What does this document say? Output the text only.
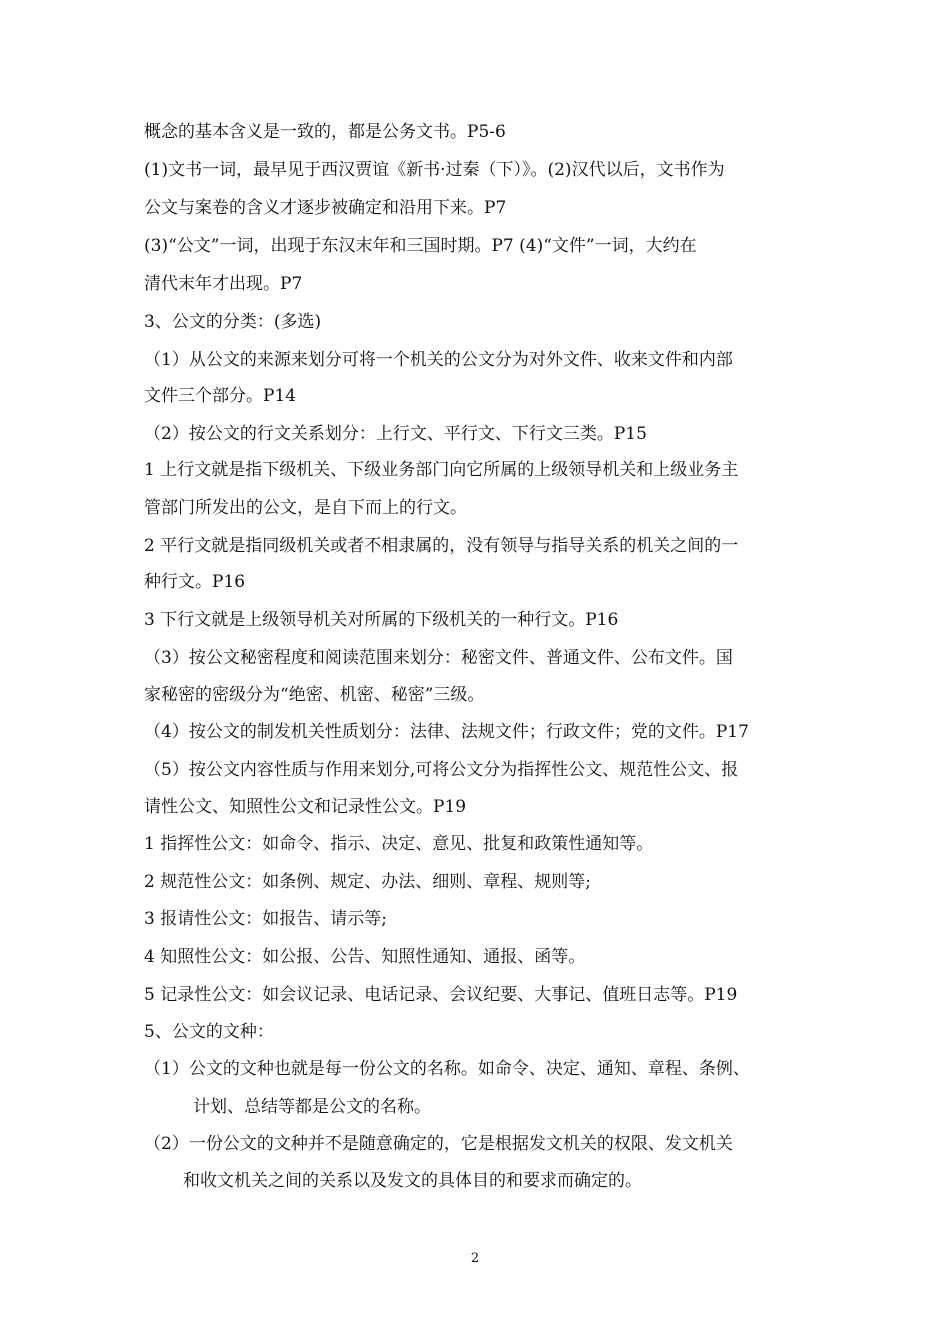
概念的基本含义是一致的，都是公务文书。P5-6
(1)文书一词，最早见于西汉贾谊《新书·过秦（下）》。(2)汉代以后，文书作为
公文与案卷的含义才逐步被确定和沿用下来。P7
(3)“公文”一词，出现于东汉末年和三国时期。P7 (4)“文件”一词，大约在
清代末年才出现。P7
3、公文的分类：(多选)
（1）从公文的来源来划分可将一个机关的公文分为对外文件、收来文件和内部
文件三个部分。P14
（2）按公文的行文关系划分：上行文、平行文、下行文三类。P15
1 上行文就是指下级机关、下级业务部门向它所属的上级领导机关和上级业务主
管部门所发出的公文，是自下而上的行文。
2 平行文就是指同级机关或者不相隶属的，没有领导与指导关系的机关之间的一
种行文。P16
3 下行文就是上级领导机关对所属的下级机关的一种行文。P16
（3）按公文秘密程度和阅读范围来划分：秘密文件、普通文件、公布文件。国
家秘密的密级分为“绝密、机密、秘密”三级。
（4）按公文的制发机关性质划分：法律、法规文件；行政文件；党的文件。P17
（5）按公文内容性质与作用来划分,可将公文分为指挥性公文、规范性公文、报
请性公文、知照性公文和记录性公文。P19
1 指挥性公文：如命令、指示、决定、意见、批复和政策性通知等。
2 规范性公文：如条例、规定、办法、细则、章程、规则等;
3 报请性公文：如报告、请示等;
4 知照性公文：如公报、公告、知照性通知、通报、函等。
5 记录性公文：如会议记录、电话记录、会议纪要、大事记、值班日志等。P19
5、公文的文种：
（1）公文的文种也就是每一份公文的名称。如命令、决定、通知、章程、条例、
计划、总结等都是公文的名称。
（2）一份公文的文种并不是随意确定的，它是根据发文机关的权限、发文机关
和收文机关之间的关系以及发文的具体目的和要求而确定的。
2
